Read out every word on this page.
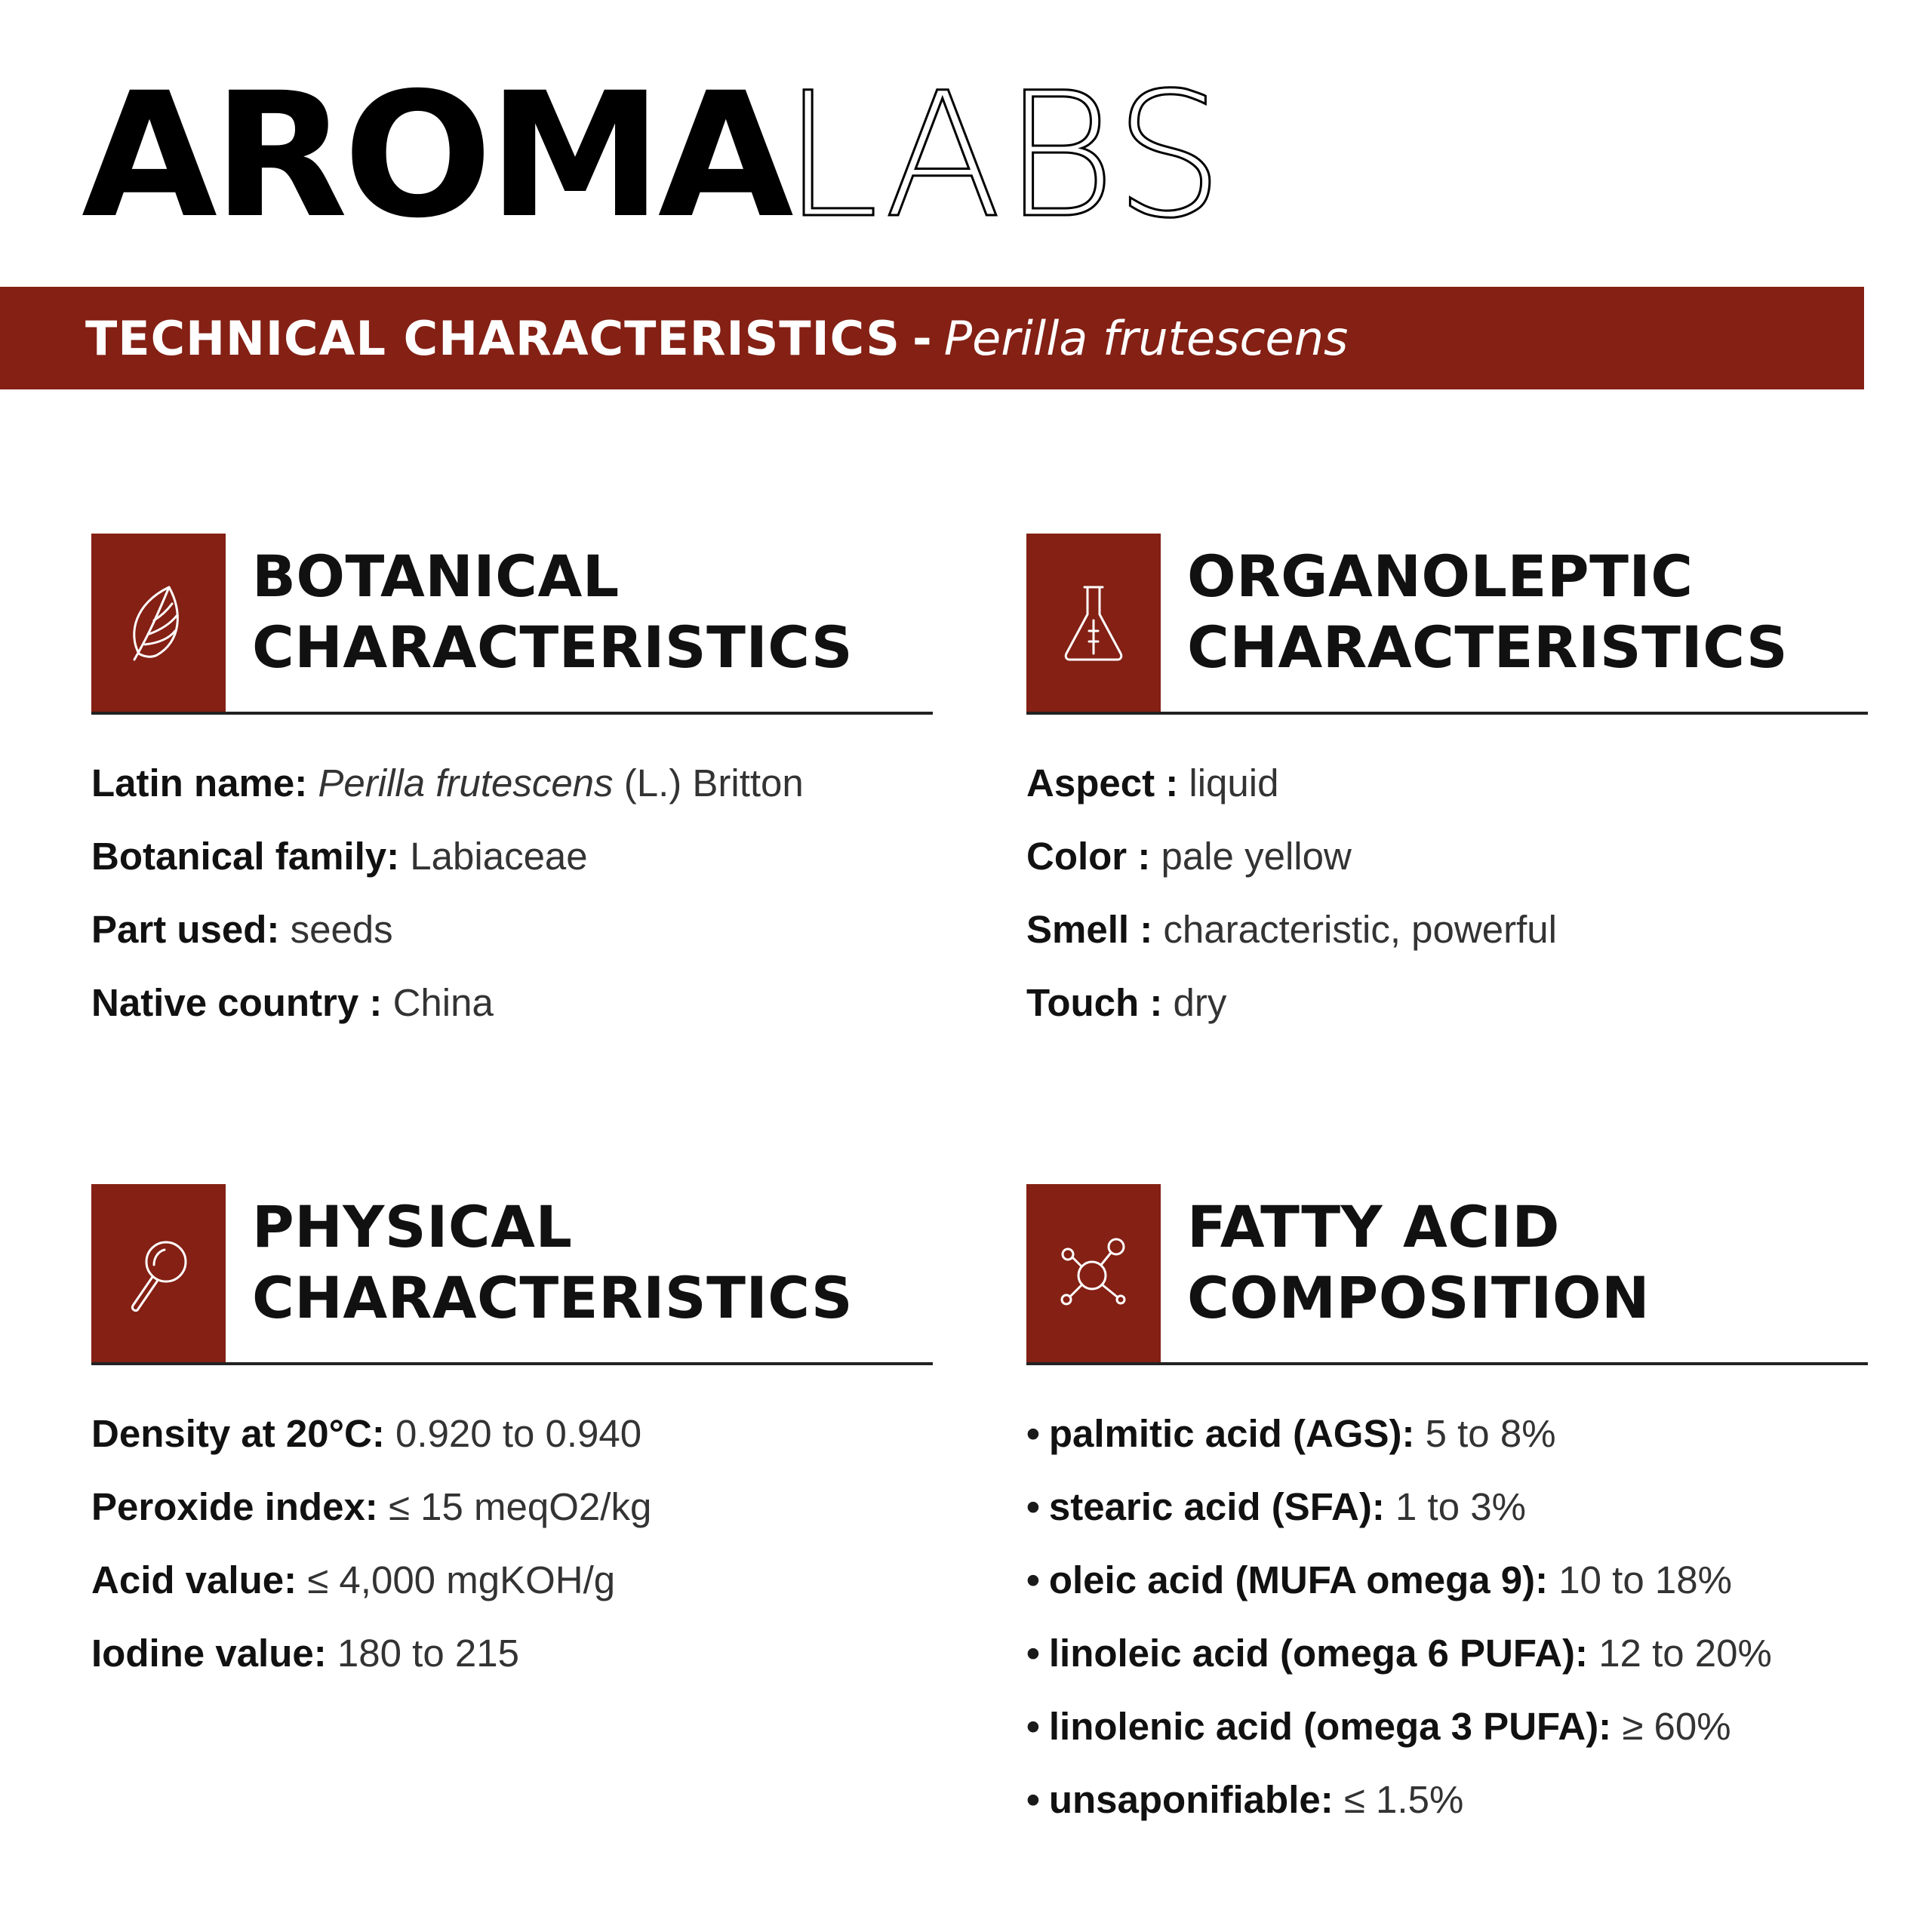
AROMALABS
TECHNICAL CHARACTERISTICS - Perilla frutescens
BOTANICAL
CHARACTERISTICS
Latin name: Perilla frutescens (L.) Britton
Botanical family: Labiaceae
Part used: seeds
Native country : China
ORGANOLEPTIC
CHARACTERISTICS
Aspect : liquid
Color : pale yellow
Smell : characteristic, powerful
Touch : dry
PHYSICAL
CHARACTERISTICS
Density at 20°C: 0.920 to 0.940
Peroxide index: ≤ 15 meqO2/kg
Acid value: ≤ 4,000 mgKOH/g
Iodine value: 180 to 215
FATTY ACID
COMPOSITION
• palmitic acid (AGS): 5 to 8%
• stearic acid (SFA): 1 to 3%
• oleic acid (MUFA omega 9): 10 to 18%
• linoleic acid (omega 6 PUFA): 12 to 20%
• linolenic acid (omega 3 PUFA): ≥ 60%
• unsaponifiable: ≤ 1.5%
